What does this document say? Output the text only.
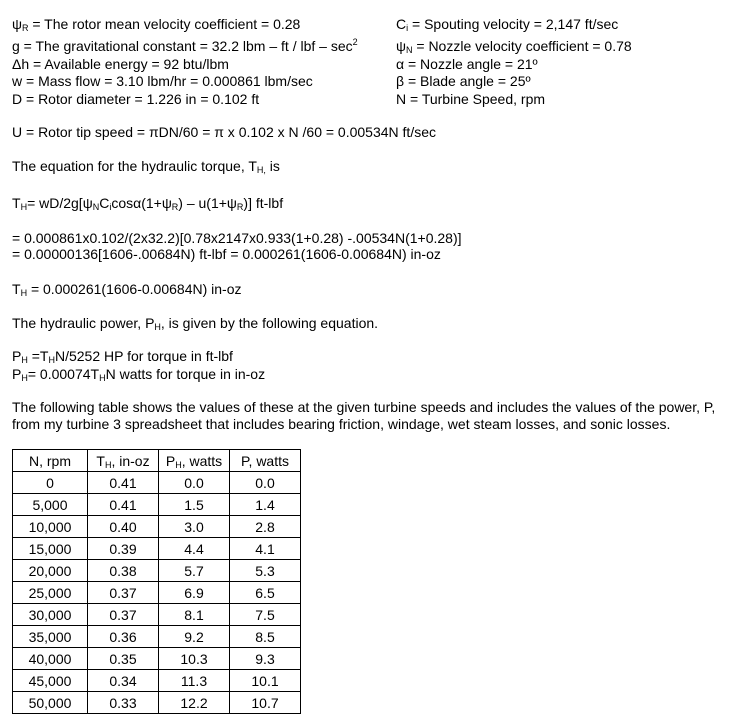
$\psi_R$ = The rotor mean velocity coefficient = 0.28	$C_i$ = Spouting velocity = 2,147 ft/sec
g = The gravitational constant = 32.2 lbm – ft / lbf – $\sec^2$	$\psi_N$ = Nozzle velocity coefficient = 0.78
Δh = Available energy = 92 btu/lbm	α = Nozzle angle = 21º
w = Mass flow = 3.10 lbm/hr = 0.000861 lbm/sec	β = Blade angle = 25º
D = Rotor diameter = 1.226 in = 0.102 ft	N = Turbine Speed, rpm
U = Rotor tip speed = πDN/60 = π x 0.102 x N /60 = 0.00534N ft/sec
The equation for the hydraulic torque, $T_{H,}$ is
$T_H= wD/2g[\psi_NC_i\cos\alpha(1+\psi_R) - u(1+\psi_R)]$ ft-lbf
= 0.000861x0.102/(2x32.2)[0.78x2147x0.933(1+0.28) -.00534N(1+0.28)]
= 0.00000136[1606-.00684N) ft-lbf = 0.000261(1606-0.00684N) in-oz
$T_H = 0.000261(1606-0.00684N)$ in-oz
The hydraulic power, $P_H$, is given by the following equation.
$P_H =T_HN/5252$ HP for torque in ft-lbf
$P_H= 0.00074T_HN$ watts for torque in in-oz
The following table shows the values of these at the given turbine speeds and includes the values of the power, P,
from my turbine 3 spreadsheet that includes bearing friction, windage, wet steam losses, and sonic losses.
N, rpm	$T_H$, in-oz	$P_H$, watts	P, watts
0	0.41	0.0	0.0
5,000	0.41	1.5	1.4
10,000	0.40	3.0	2.8
15,000	0.39	4.4	4.1
20,000	0.38	5.7	5.3
25,000	0.37	6.9	6.5
30,000	0.37	8.1	7.5
35,000	0.36	9.2	8.5
40,000	0.35	10.3	9.3
45,000	0.34	11.3	10.1
50,000	0.33	12.2	10.7
